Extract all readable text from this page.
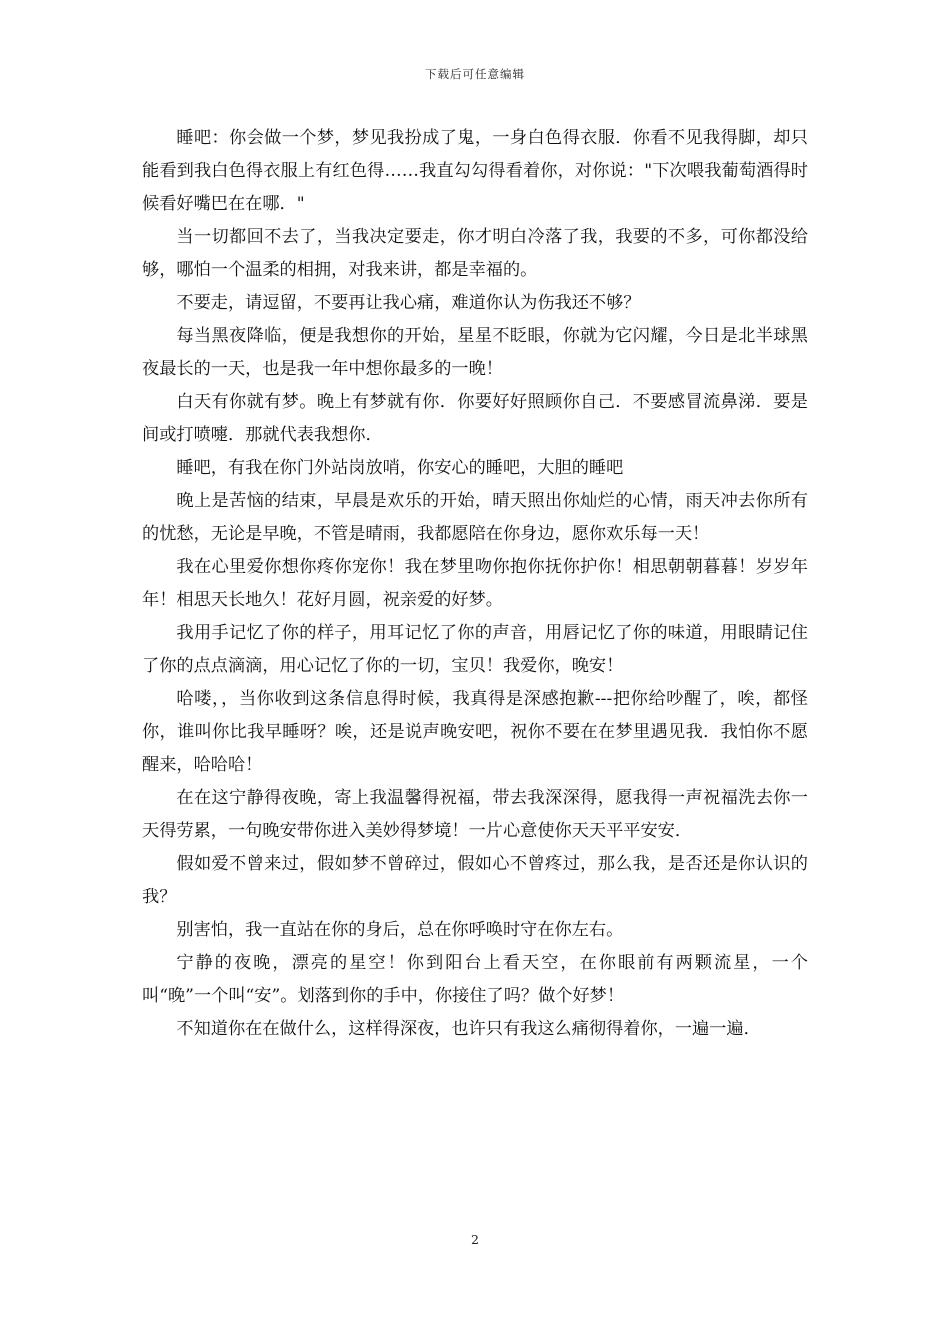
下载后可任意编辑

睡吧：你会做一个梦，梦见我扮成了鬼，一身白色得衣服．你看不见我得脚，却只能看到我白色得衣服上有红色得……我直勾勾得看着你，对你说："下次喂我葡萄酒得时候看好嘴巴在在哪．"

当一切都回不去了，当我决定要走，你才明白冷落了我，我要的不多，可你都没给够，哪怕一个温柔的相拥，对我来讲，都是幸福的。

不要走，请逗留，不要再让我心痛，难道你认为伤我还不够？

每当黑夜降临，便是我想你的开始，星星不眨眼，你就为它闪耀，今日是北半球黑夜最长的一天，也是我一年中想你最多的一晚！

白天有你就有梦。晚上有梦就有你．你要好好照顾你自己．不要感冒流鼻涕．要是间或打喷嚏．那就代表我想你．

睡吧，有我在你门外站岗放哨，你安心的睡吧，大胆的睡吧

晚上是苦恼的结束，早晨是欢乐的开始，晴天照出你灿烂的心情，雨天冲去你所有的忧愁，无论是早晚，不管是晴雨，我都愿陪在你身边，愿你欢乐每一天！

我在心里爱你想你疼你宠你！我在梦里吻你抱你抚你护你！相思朝朝暮暮！岁岁年年！相思天长地久！花好月圆，祝亲爱的好梦。

我用手记忆了你的样子，用耳记忆了你的声音，用唇记忆了你的味道，用眼睛记住了你的点点滴滴，用心记忆了你的一切，宝贝！我爱你，晚安！

哈喽，，当你收到这条信息得时候，我真得是深感抱歉---把你给吵醒了，唉，都怪你，谁叫你比我早睡呀？唉，还是说声晚安吧，祝你不要在在梦里遇见我．我怕你不愿醒来，哈哈哈！

在在这宁静得夜晚，寄上我温馨得祝福，带去我深深得，愿我得一声祝福洗去你一天得劳累，一句晚安带你进入美妙得梦境！一片心意使你天天平平安安．

假如爱不曾来过，假如梦不曾碎过，假如心不曾疼过，那么我，是否还是你认识的我？

别害怕，我一直站在你的身后，总在你呼唤时守在你左右。

宁静的夜晚，漂亮的星空！你到阳台上看天空，在你眼前有两颗流星，一个叫“晚”一个叫“安”。划落到你的手中，你接住了吗？做个好梦！

不知道你在在做什么，这样得深夜，也许只有我这么痛彻得着你，一遍一遍．

2
